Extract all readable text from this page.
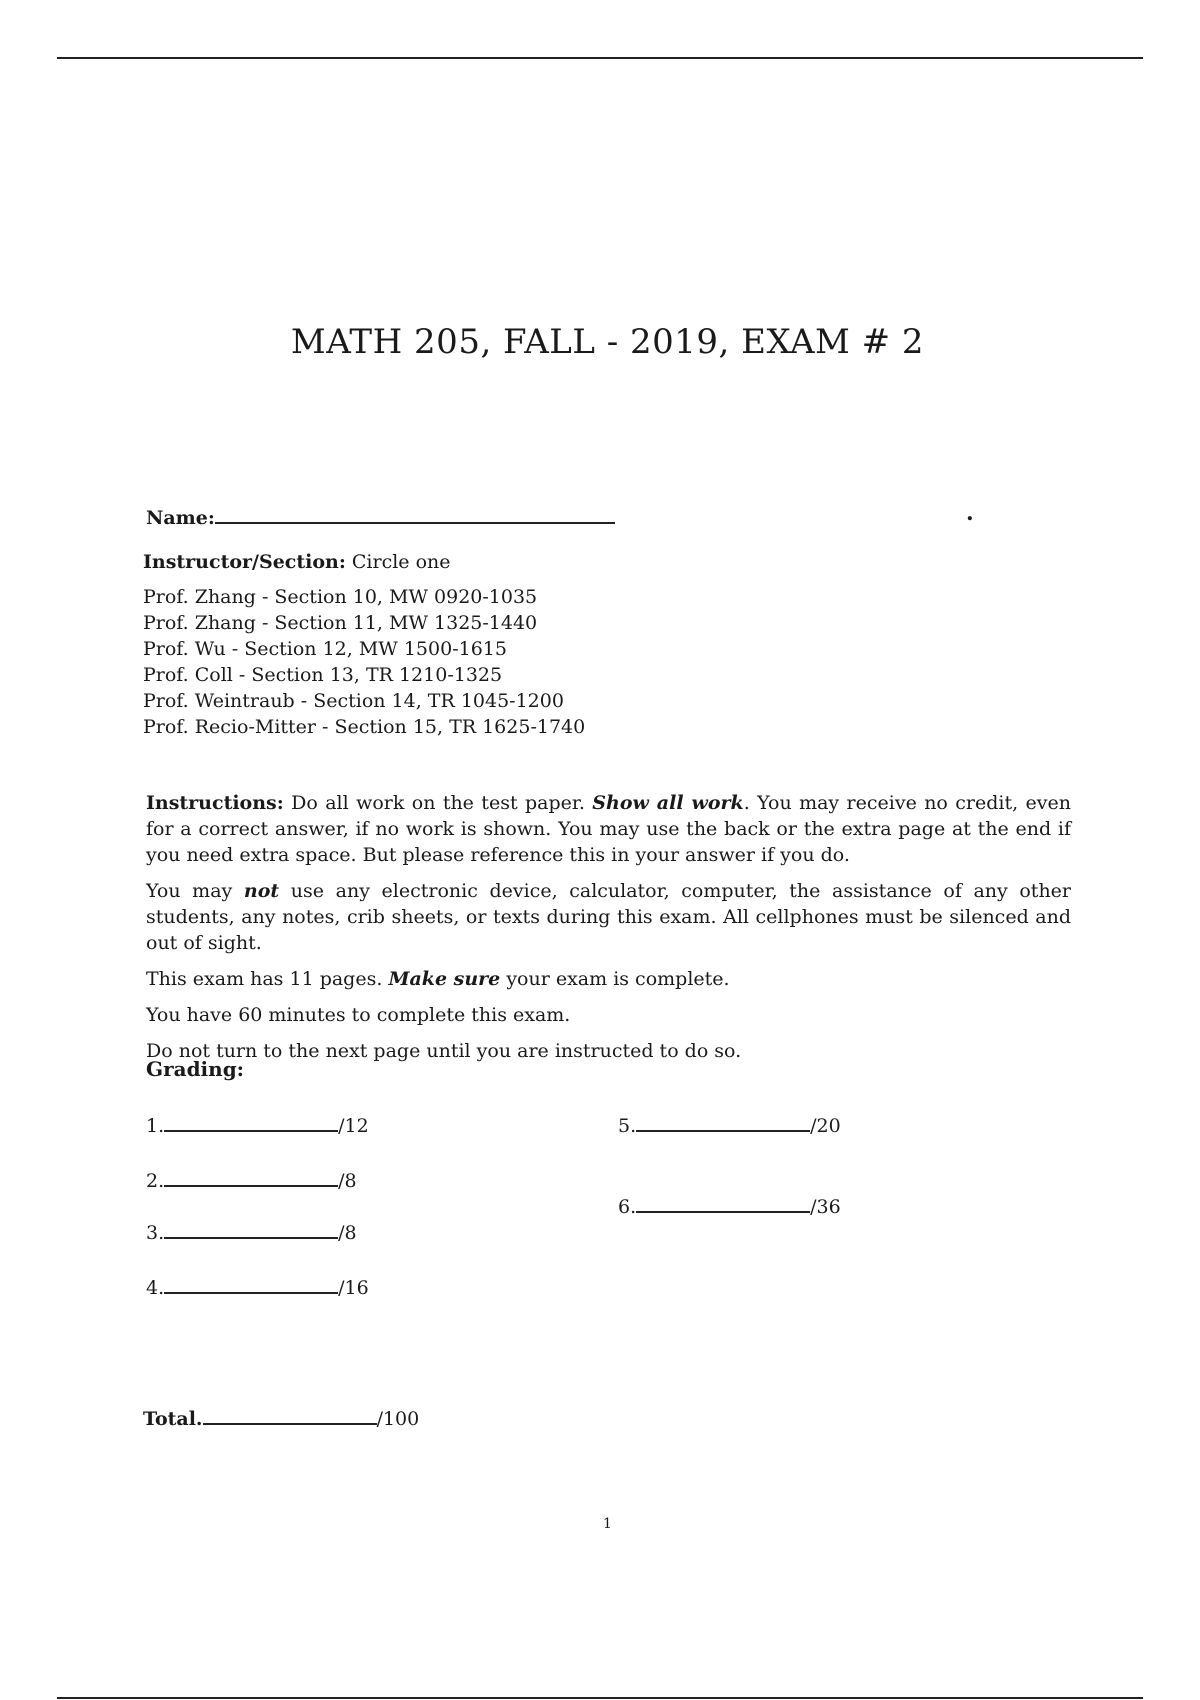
MATH 205, FALL - 2019, EXAM # 2
Name:	.
Instructor/Section: Circle one
Prof. Zhang - Section 10, MW 0920-1035
Prof. Zhang - Section 11, MW 1325-1440
Prof. Wu - Section 12, MW 1500-1615
Prof. Coll - Section 13, TR 1210-1325
Prof. Weintraub - Section 14, TR 1045-1200
Prof. Recio-Mitter - Section 15, TR 1625-1740

Instructions: Do all work on the test paper. Show all work. You may receive no credit, even for a correct answer, if no work is shown. You may use the back or the extra page at the end if you need extra space. But please reference this in your answer if you do.

You may not use any electronic device, calculator, computer, the assistance of any other students, any notes, crib sheets, or texts during this exam. All cellphones must be silenced and out of sight.

This exam has 11 pages. Make sure your exam is complete.

You have 60 minutes to complete this exam.

Do not turn to the next page until you are instructed to do so.

Grading:
1.	/12
2.	/8
3.	/8
4.	/16
5.	/20
6.	/36
Total.	/100
1
